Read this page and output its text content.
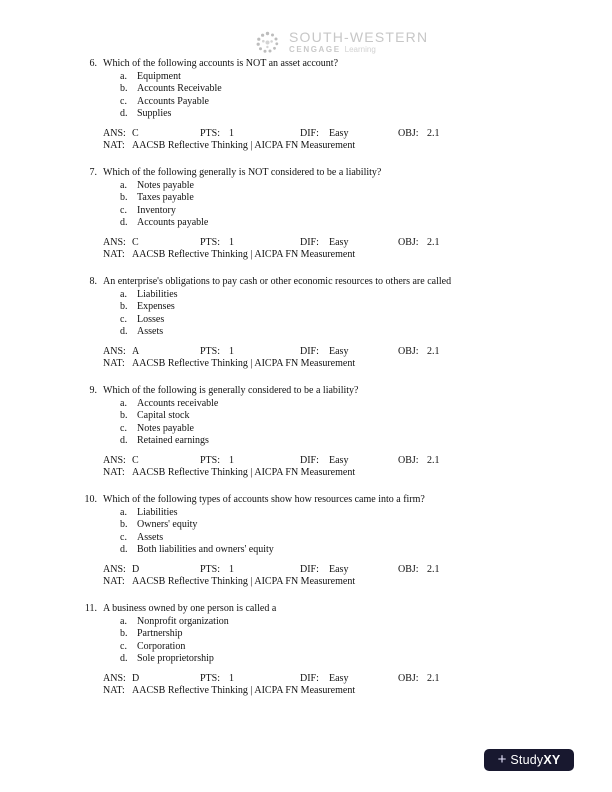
SOUTH-WESTERN
CENGAGE Learning
6. Which of the following accounts is NOT an asset account?
a. Equipment
b. Accounts Receivable
c. Accounts Payable
d. Supplies
ANS: C	PTS: 1	DIF: Easy	OBJ: 2.1
NAT: AACSB Reflective Thinking | AICPA FN Measurement
7. Which of the following generally is NOT considered to be a liability?
a. Notes payable
b. Taxes payable
c. Inventory
d. Accounts payable
ANS: C	PTS: 1	DIF: Easy	OBJ: 2.1
NAT: AACSB Reflective Thinking | AICPA FN Measurement
8. An enterprise's obligations to pay cash or other economic resources to others are called
a. Liabilities
b. Expenses
c. Losses
d. Assets
ANS: A	PTS: 1	DIF: Easy	OBJ: 2.1
NAT: AACSB Reflective Thinking | AICPA FN Measurement
9. Which of the following is generally considered to be a liability?
a. Accounts receivable
b. Capital stock
c. Notes payable
d. Retained earnings
ANS: C	PTS: 1	DIF: Easy	OBJ: 2.1
NAT: AACSB Reflective Thinking | AICPA FN Measurement
10. Which of the following types of accounts show how resources came into a firm?
a. Liabilities
b. Owners' equity
c. Assets
d. Both liabilities and owners' equity
ANS: D	PTS: 1	DIF: Easy	OBJ: 2.1
NAT: AACSB Reflective Thinking | AICPA FN Measurement
11. A business owned by one person is called a
a. Nonprofit organization
b. Partnership
c. Corporation
d. Sole proprietorship
ANS: D	PTS: 1	DIF: Easy	OBJ: 2.1
NAT: AACSB Reflective Thinking | AICPA FN Measurement
+ StudyXY
